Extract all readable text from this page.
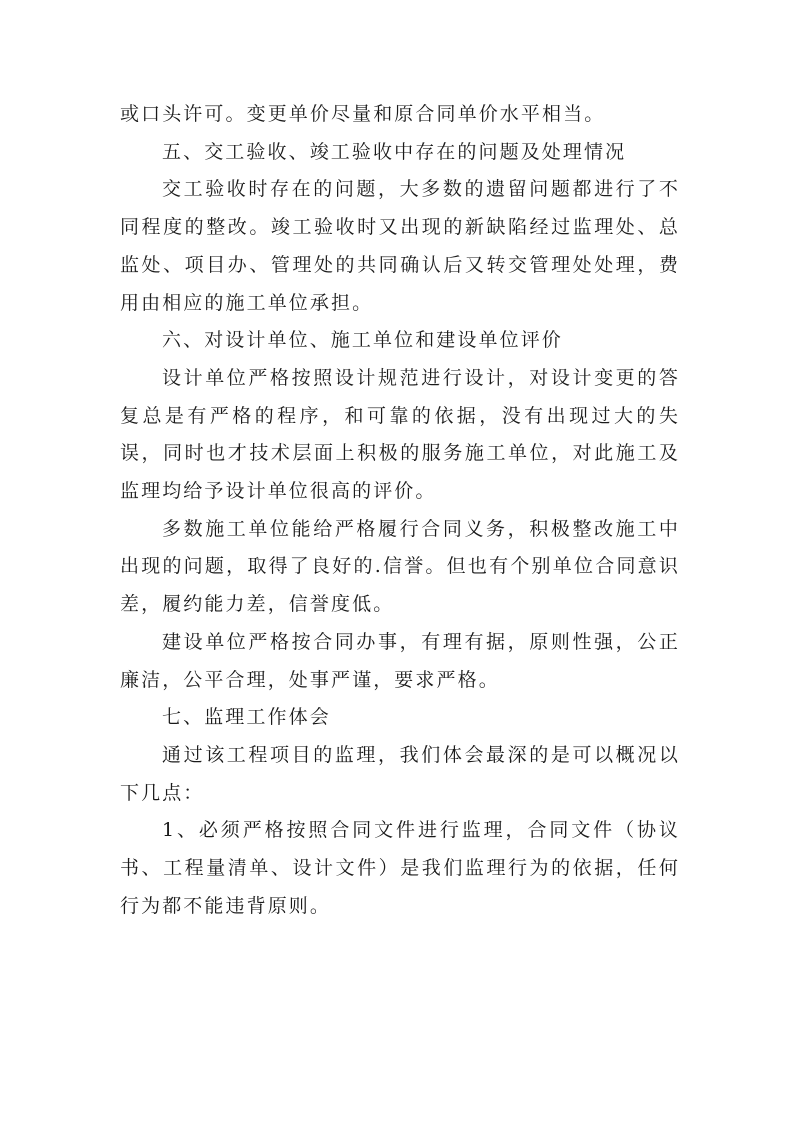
或口头许可。变更单价尽量和原合同单价水平相当。

五、交工验收、竣工验收中存在的问题及处理情况

交工验收时存在的问题，大多数的遗留问题都进行了不同程度的整改。竣工验收时又出现的新缺陷经过监理处、总监处、项目办、管理处的共同确认后又转交管理处处理，费用由相应的施工单位承担。

六、对设计单位、施工单位和建设单位评价

设计单位严格按照设计规范进行设计，对设计变更的答复总是有严格的程序，和可靠的依据，没有出现过大的失误，同时也才技术层面上积极的服务施工单位，对此施工及监理均给予设计单位很高的评价。

多数施工单位能给严格履行合同义务，积极整改施工中出现的问题，取得了良好的.信誉。但也有个别单位合同意识差，履约能力差，信誉度低。

建设单位严格按合同办事，有理有据，原则性强，公正廉洁，公平合理，处事严谨，要求严格。

七、监理工作体会

通过该工程项目的监理，我们体会最深的是可以概况以下几点：

1、必须严格按照合同文件进行监理，合同文件（协议书、工程量清单、设计文件）是我们监理行为的依据，任何行为都不能违背原则。
